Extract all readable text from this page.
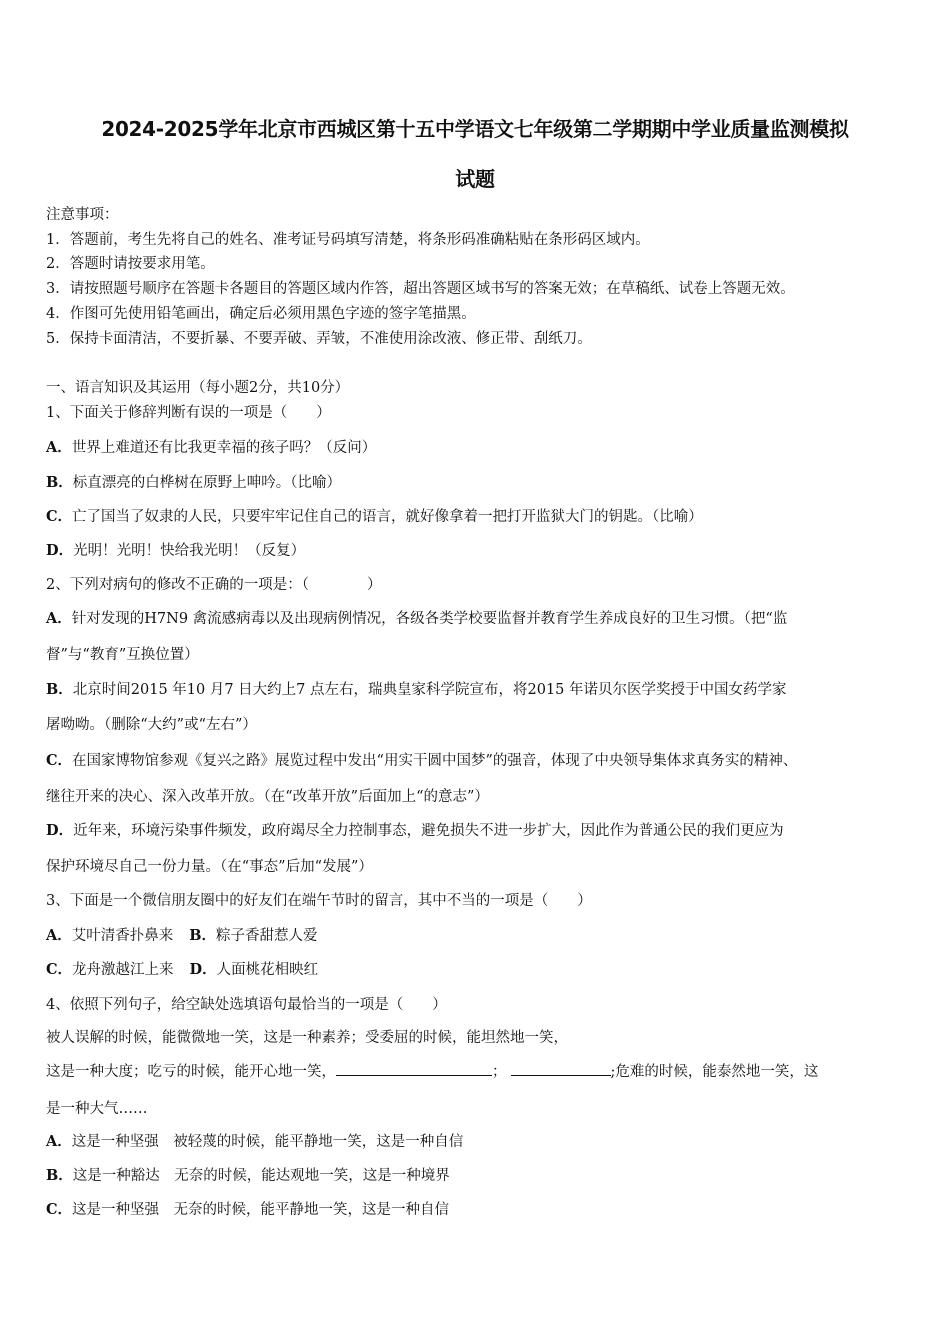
2024-2025学年北京市西城区第十五中学语文七年级第二学期期中学业质量监测模拟
试题
注意事项：
1．答题前，考生先将自己的姓名、准考证号码填写清楚，将条形码准确粘贴在条形码区域内。
2．答题时请按要求用笔。
3．请按照题号顺序在答题卡各题目的答题区域内作答，超出答题区域书写的答案无效；在草稿纸、试卷上答题无效。
4．作图可先使用铅笔画出，确定后必须用黑色字迹的签字笔描黑。
5．保持卡面清洁，不要折暴、不要弄破、弄皱，不准使用涂改液、修正带、刮纸刀。
一、语言知识及其运用（每小题2分，共10分）
1、下面关于修辞判断有误的一项是（　　）
A．世界上难道还有比我更幸福的孩子吗？（反问）
B．标直漂亮的白桦树在原野上呻吟。（比喻）
C．亡了国当了奴隶的人民，只要牢牢记住自己的语言，就好像拿着一把打开监狱大门的钥匙。（比喻）
D．光明！光明！快给我光明！（反复）
2、下列对病句的修改不正确的一项是：（　　　　）
A．针对发现的H7N9 禽流感病毒以及出现病例情况，各级各类学校要监督并教育学生养成良好的卫生习惯。（把“监
督”与“教育”互换位置）
B．北京时间2015 年10 月7 日大约上7 点左右，瑞典皇家科学院宣布，将2015 年诺贝尔医学奖授于中国女药学家
屠呦呦。（删除“大约”或“左右”）
C．在国家博物馆参观《复兴之路》展览过程中发出“用实干圆中国梦”的强音，体现了中央领导集体求真务实的精神、
继往开来的决心、深入改革开放。（在“改革开放”后面加上“的意志”）
D．近年来，环境污染事件频发，政府竭尽全力控制事态，避免损失不进一步扩大，因此作为普通公民的我们更应为
保护环境尽自己一份力量。（在“事态”后加“发展”）
3、下面是一个微信朋友圈中的好友们在端午节时的留言，其中不当的一项是（　　）
A．艾叶清香扑鼻来 B．粽子香甜惹人爱
C．龙舟激越江上来 D．人面桃花相映红
4、依照下列句子，给空缺处选填语句最恰当的一项是（　　）
被人误解的时候，能微微地一笑，这是一种素养；受委屈的时候，能坦然地一笑，
这是一种大度；吃亏的时候，能开心地一笑，	；	;危难的时候，能泰然地一笑，这
是一种大气……
A．这是一种坚强　被轻蔑的时候，能平静地一笑，这是一种自信
B．这是一种豁达　无奈的时候，能达观地一笑，这是一种境界
C．这是一种坚强　无奈的时候，能平静地一笑，这是一种自信
